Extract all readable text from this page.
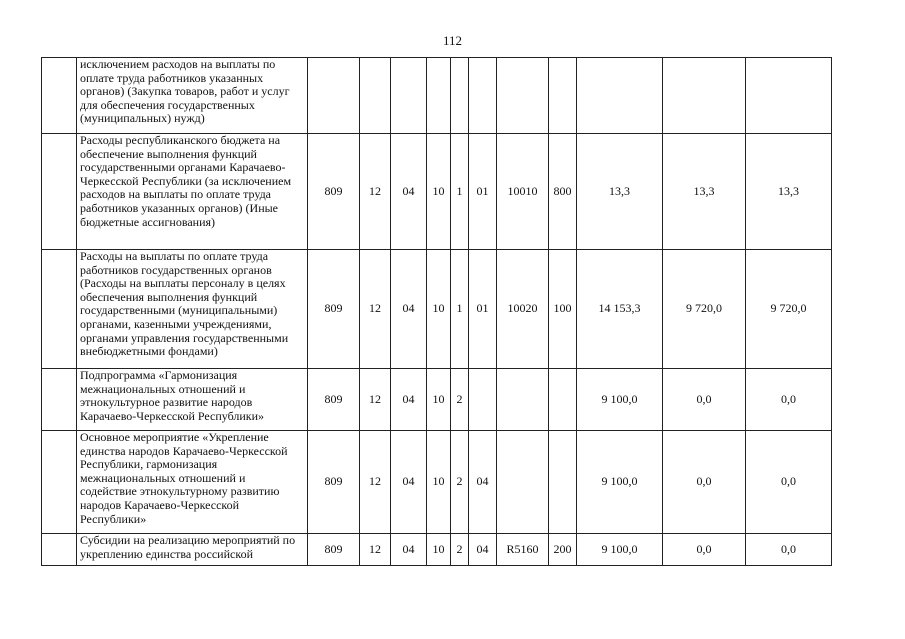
112
	исключением расходов на выплаты по оплате труда работников указанных органов) (Закупка товаров, работ и услуг для обеспечения государственных (муниципальных) нужд)											
	Расходы республиканского бюджета на обеспечение выполнения функций государственными органами Карачаево-Черкесской Республики (за исключением расходов на выплаты по оплате труда работников указанных органов) (Иные бюджетные ассигнования)	809	12	04	10	1	01	10010	800	13,3	13,3	13,3
	Расходы на выплаты по оплате труда работников государственных органов (Расходы на выплаты персоналу в целях обеспечения выполнения функций государственными (муниципальными) органами, казенными учреждениями, органами управления государственными внебюджетными фондами)	809	12	04	10	1	01	10020	100	14 153,3	9 720,0	9 720,0
	Подпрограмма «Гармонизация межнациональных отношений и этнокультурное развитие народов Карачаево-Черкесской Республики»	809	12	04	10	2				9 100,0	0,0	0,0
	Основное мероприятие «Укрепление единства народов Карачаево-Черкесской Республики, гармонизация межнациональных отношений и содействие этнокультурному развитию народов Карачаево-Черкесской Республики»	809	12	04	10	2	04			9 100,0	0,0	0,0
	Субсидии на реализацию мероприятий по укреплению единства российской	809	12	04	10	2	04	R5160	200	9 100,0	0,0	0,0
